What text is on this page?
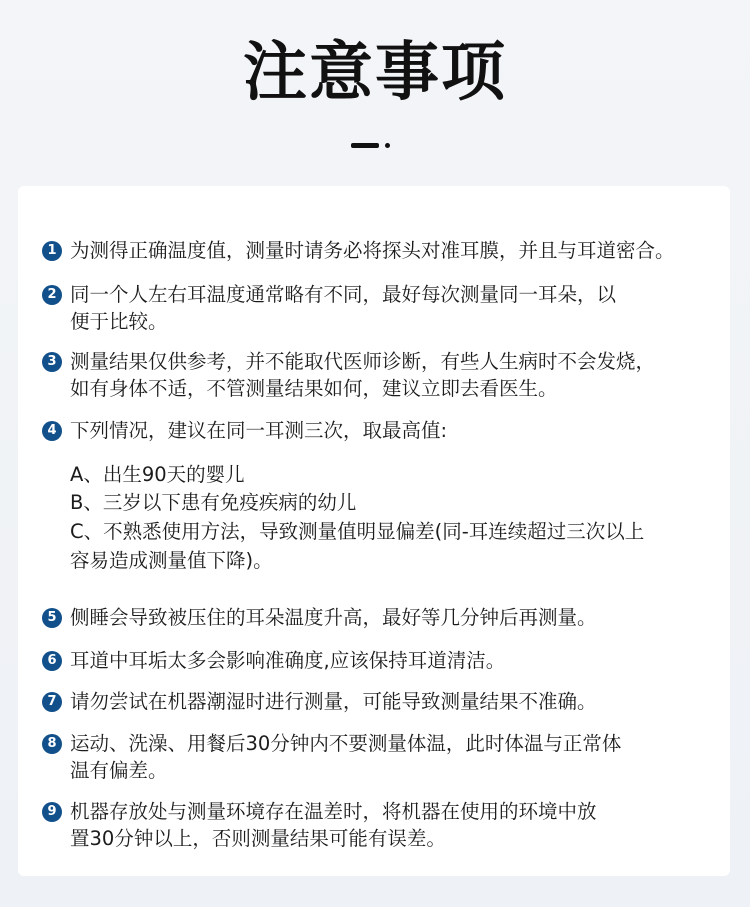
注意事项
1 为测得正确温度值，测量时请务必将探头对准耳膜，并且与耳道密合。
2 同一个人左右耳温度通常略有不同，最好每次测量同一耳朵，以
便于比较。
3 测量结果仅供参考，并不能取代医师诊断，有些人生病时不会发烧，
如有身体不适，不管测量结果如何，建议立即去看医生。
4 下列情况，建议在同一耳测三次，取最高值:
A、出生90天的婴儿
B、三岁以下患有免疫疾病的幼儿
C、不熟悉使用方法，导致测量值明显偏差(同-耳连续超过三次以上
容易造成测量值下降)。
5 侧睡会导致被压住的耳朵温度升高，最好等几分钟后再测量。
6 耳道中耳垢太多会影响准确度,应该保持耳道清洁。
7 请勿尝试在机器潮湿时进行测量，可能导致测量结果不准确。
8 运动、洗澡、用餐后30分钟内不要测量体温，此时体温与正常体
温有偏差。
9 机器存放处与测量环境存在温差时，将机器在使用的环境中放
置30分钟以上，否则测量结果可能有误差。
